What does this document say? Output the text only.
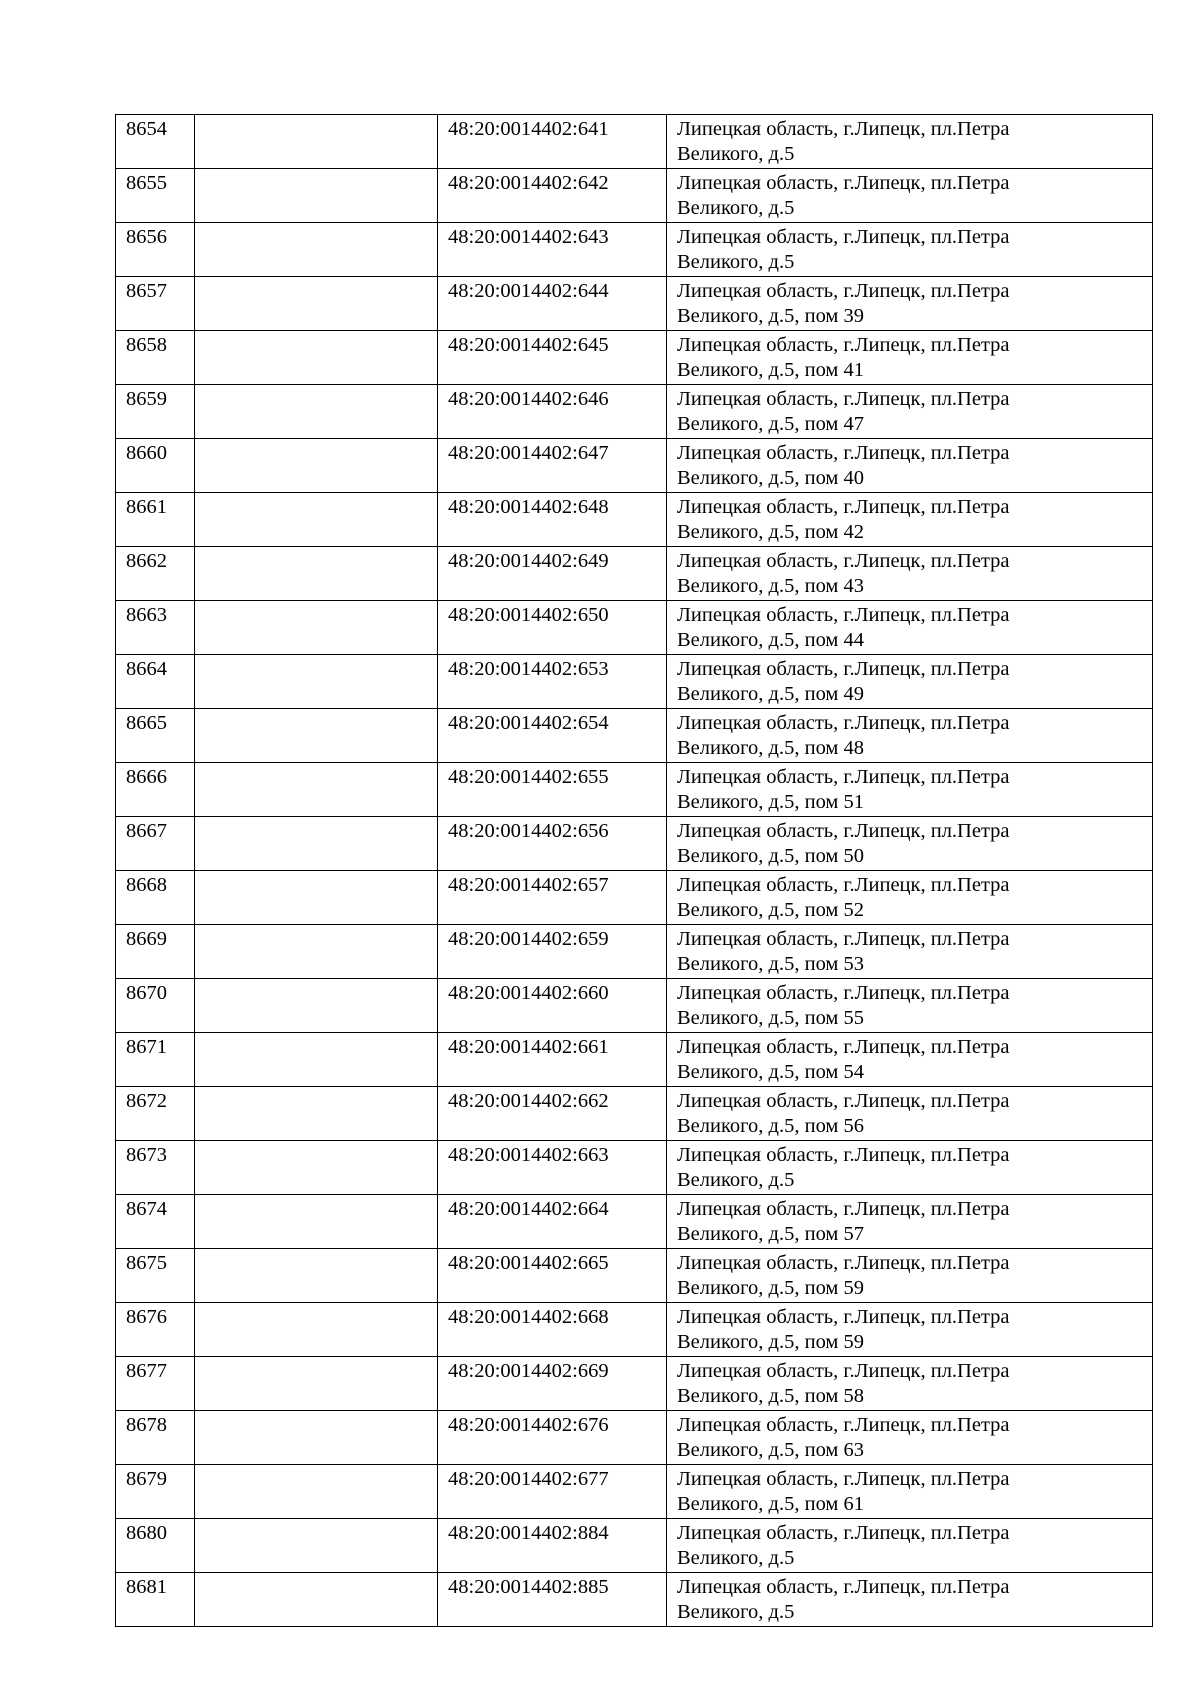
8654		48:20:0014402:641	Липецкая область, г.Липецк, пл.Петра
Великого, д.5

8655		48:20:0014402:642	Липецкая область, г.Липецк, пл.Петра
Великого, д.5

8656		48:20:0014402:643	Липецкая область, г.Липецк, пл.Петра
Великого, д.5

8657		48:20:0014402:644	Липецкая область, г.Липецк, пл.Петра
Великого, д.5, пом 39

8658		48:20:0014402:645	Липецкая область, г.Липецк, пл.Петра
Великого, д.5, пом 41

8659		48:20:0014402:646	Липецкая область, г.Липецк, пл.Петра
Великого, д.5, пом 47

8660		48:20:0014402:647	Липецкая область, г.Липецк, пл.Петра
Великого, д.5, пом 40

8661		48:20:0014402:648	Липецкая область, г.Липецк, пл.Петра
Великого, д.5, пом 42

8662		48:20:0014402:649	Липецкая область, г.Липецк, пл.Петра
Великого, д.5, пом 43

8663		48:20:0014402:650	Липецкая область, г.Липецк, пл.Петра
Великого, д.5, пом 44

8664		48:20:0014402:653	Липецкая область, г.Липецк, пл.Петра
Великого, д.5, пом 49

8665		48:20:0014402:654	Липецкая область, г.Липецк, пл.Петра
Великого, д.5, пом 48

8666		48:20:0014402:655	Липецкая область, г.Липецк, пл.Петра
Великого, д.5, пом 51

8667		48:20:0014402:656	Липецкая область, г.Липецк, пл.Петра
Великого, д.5, пом 50

8668		48:20:0014402:657	Липецкая область, г.Липецк, пл.Петра
Великого, д.5, пом 52

8669		48:20:0014402:659	Липецкая область, г.Липецк, пл.Петра
Великого, д.5, пом 53

8670		48:20:0014402:660	Липецкая область, г.Липецк, пл.Петра
Великого, д.5, пом 55

8671		48:20:0014402:661	Липецкая область, г.Липецк, пл.Петра
Великого, д.5, пом 54

8672		48:20:0014402:662	Липецкая область, г.Липецк, пл.Петра
Великого, д.5, пом 56

8673		48:20:0014402:663	Липецкая область, г.Липецк, пл.Петра
Великого, д.5

8674		48:20:0014402:664	Липецкая область, г.Липецк, пл.Петра
Великого, д.5, пом 57

8675		48:20:0014402:665	Липецкая область, г.Липецк, пл.Петра
Великого, д.5, пом 59

8676		48:20:0014402:668	Липецкая область, г.Липецк, пл.Петра
Великого, д.5, пом 59

8677		48:20:0014402:669	Липецкая область, г.Липецк, пл.Петра
Великого, д.5, пом 58

8678		48:20:0014402:676	Липецкая область, г.Липецк, пл.Петра
Великого, д.5, пом 63

8679		48:20:0014402:677	Липецкая область, г.Липецк, пл.Петра
Великого, д.5, пом 61

8680		48:20:0014402:884	Липецкая область, г.Липецк, пл.Петра
Великого, д.5

8681		48:20:0014402:885	Липецкая область, г.Липецк, пл.Петра
Великого, д.5
